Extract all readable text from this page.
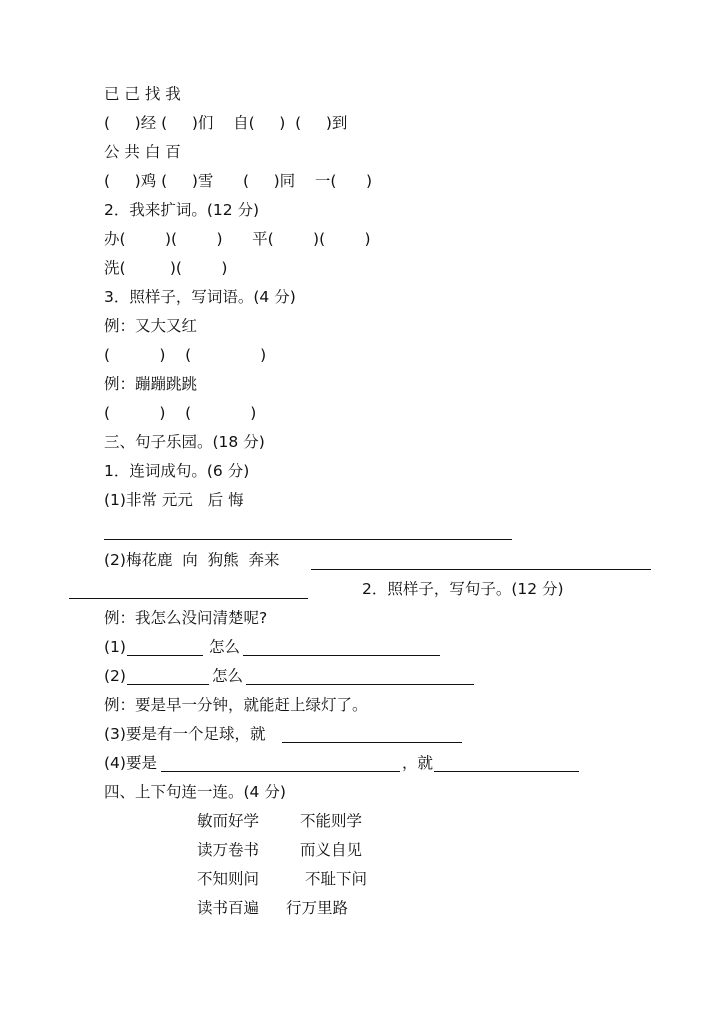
已 己 找 我
(     )经 (     )们    自(     )  (     )到
公 共 白 百
(     )鸡 (     )雪      (     )同    一(      )
2．我来扩词。(12 分)
办(        )(        )      平(        )(        )
洗(         )(        )
3．照样子，写词语。(4 分)
例：又大又红
(          )    (              )
例：蹦蹦跳跳
(          )    (            )
三、句子乐园。(18 分)
1．连词成句。(6 分)
(1)非常 元元   后 悔
(2)梅花鹿  向  狗熊  奔来
2．照样子，写句子。(12 分)
例：我怎么没问清楚呢?
(1)	怎么
(2)	怎么
例：要是早一分钟，就能赶上绿灯了。
(3)要是有一个足球，就
(4)要是	，就
四、上下句连一连。(4 分)
敏而好学	不能则学
读万卷书	而义自见
不知则问	不耻下问
读书百遍 行万里路
